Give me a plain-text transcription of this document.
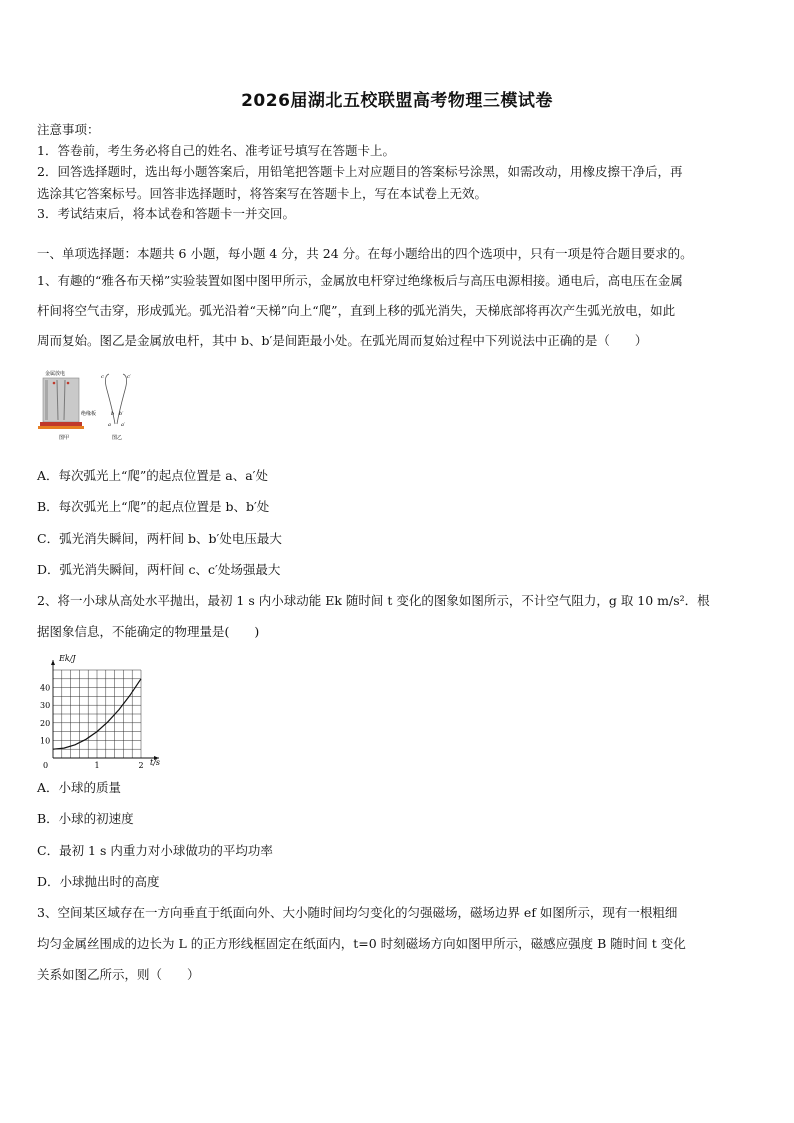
2026届湖北五校联盟高考物理三模试卷
注意事项：
1．答卷前，考生务必将自己的姓名、准考证号填写在答题卡上。
2．回答选择题时，选出每小题答案后，用铅笔把答题卡上对应题目的答案标号涂黑，如需改动，用橡皮擦干净后，再
选涂其它答案标号。回答非选择题时，将答案写在答题卡上，写在本试卷上无效。
3．考试结束后，将本试卷和答题卡一并交回。
一、单项选择题：本题共 6 小题，每小题 4 分，共 24 分。在每小题给出的四个选项中，只有一项是符合题目要求的。
1、有趣的“雅各布天梯”实验装置如图中图甲所示，金属放电杆穿过绝缘板后与高压电源相接。通电后，高电压在金属
杆间将空气击穿，形成弧光。弧光沿着“天梯”向上“爬”，直到上移的弧光消失，天梯底部将再次产生弧光放电，如此
周而复始。图乙是金属放电杆，其中 b、b′是间距最小处。在弧光周而复始过程中下列说法中正确的是（　　）
金属放电
绝缘板
图甲
c	c′
b b′
a a′
图乙
A．每次弧光上“爬”的起点位置是 a、a′处
B．每次弧光上“爬”的起点位置是 b、b′处
C．弧光消失瞬间，两杆间 b、b′处电压最大
D．弧光消失瞬间，两杆间 c、c′处场强最大
2、将一小球从高处水平抛出，最初 1 s 内小球动能 Ek 随时间 t 变化的图象如图所示，不计空气阻力，g 取 10 m/s²．根
据图象信息，不能确定的物理量是(　　)
0	1	2
10
20
30
40
Ek/J
t/s
A．小球的质量
B．小球的初速度
C．最初 1 s 内重力对小球做功的平均功率
D．小球抛出时的高度
3、空间某区域存在一方向垂直于纸面向外、大小随时间均匀变化的匀强磁场，磁场边界 ef 如图所示，现有一根粗细
均匀金属丝围成的边长为 L 的正方形线框固定在纸面内，t=0 时刻磁场方向如图甲所示，磁感应强度 B 随时间 t 变化
关系如图乙所示，则（　　）
